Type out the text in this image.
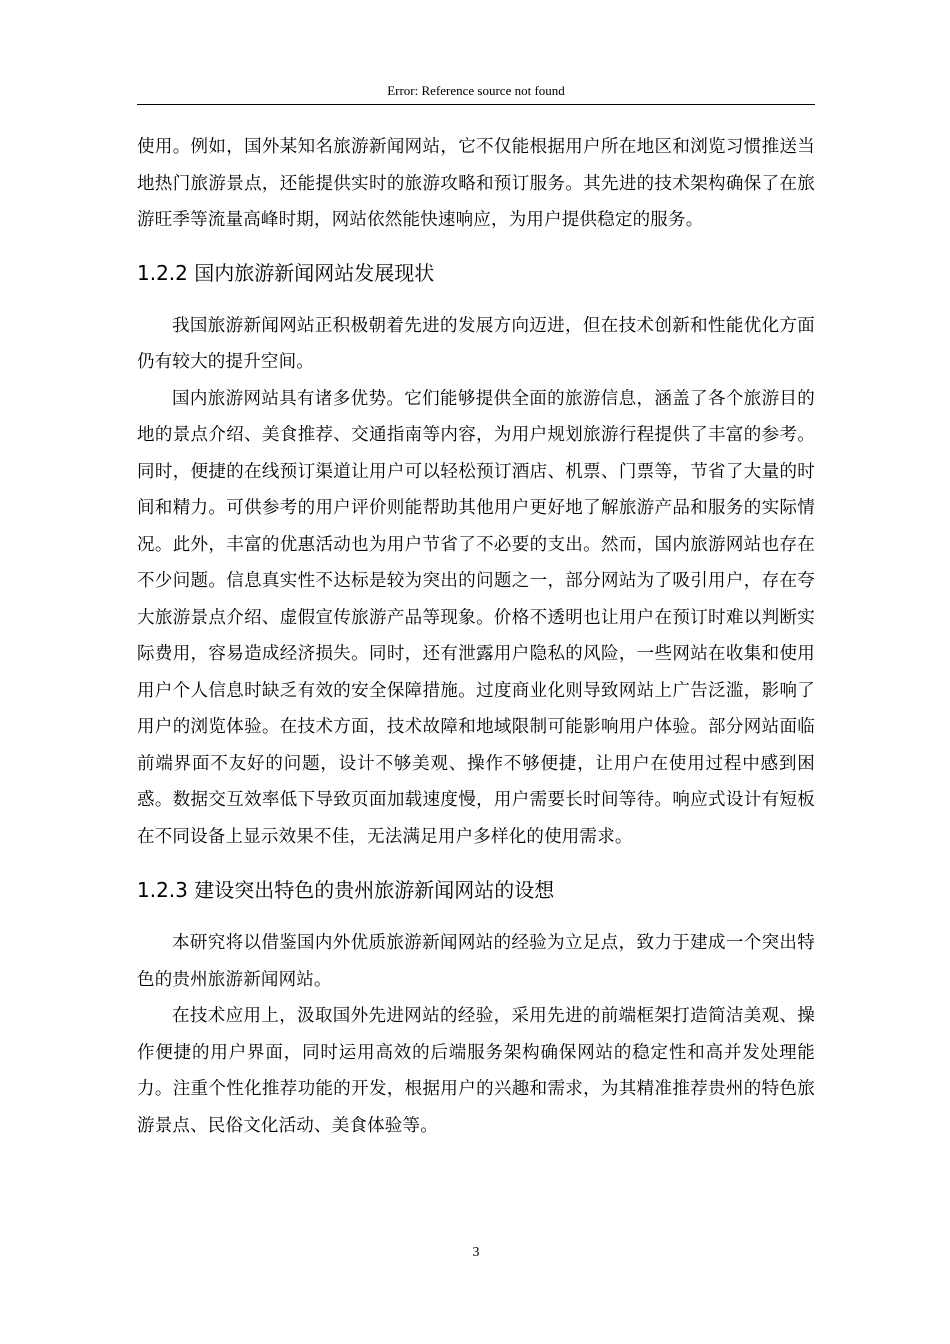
Error: Reference source not found

使用。例如，国外某知名旅游新闻网站，它不仅能根据用户所在地区和浏览习惯推送当地热门旅游景点，还能提供实时的旅游攻略和预订服务。其先进的技术架构确保了在旅游旺季等流量高峰时期，网站依然能快速响应，为用户提供稳定的服务。

1.2.2 国内旅游新闻网站发展现状

我国旅游新闻网站正积极朝着先进的发展方向迈进，但在技术创新和性能优化方面仍有较大的提升空间。

国内旅游网站具有诸多优势。它们能够提供全面的旅游信息，涵盖了各个旅游目的地的景点介绍、美食推荐、交通指南等内容，为用户规划旅游行程提供了丰富的参考。同时，便捷的在线预订渠道让用户可以轻松预订酒店、机票、门票等，节省了大量的时间和精力。可供参考的用户评价则能帮助其他用户更好地了解旅游产品和服务的实际情况。此外，丰富的优惠活动也为用户节省了不必要的支出。然而，国内旅游网站也存在不少问题。信息真实性不达标是较为突出的问题之一，部分网站为了吸引用户，存在夸大旅游景点介绍、虚假宣传旅游产品等现象。价格不透明也让用户在预订时难以判断实际费用，容易造成经济损失。同时，还有泄露用户隐私的风险，一些网站在收集和使用用户个人信息时缺乏有效的安全保障措施。过度商业化则导致网站上广告泛滥，影响了用户的浏览体验。在技术方面，技术故障和地域限制可能影响用户体验。部分网站面临前端界面不友好的问题，设计不够美观、操作不够便捷，让用户在使用过程中感到困惑。数据交互效率低下导致页面加载速度慢，用户需要长时间等待。响应式设计有短板在不同设备上显示效果不佳，无法满足用户多样化的使用需求。

1.2.3 建设突出特色的贵州旅游新闻网站的设想

本研究将以借鉴国内外优质旅游新闻网站的经验为立足点，致力于建成一个突出特色的贵州旅游新闻网站。

在技术应用上，汲取国外先进网站的经验，采用先进的前端框架打造简洁美观、操作便捷的用户界面，同时运用高效的后端服务架构确保网站的稳定性和高并发处理能力。注重个性化推荐功能的开发，根据用户的兴趣和需求，为其精准推荐贵州的特色旅游景点、民俗文化活动、美食体验等。

3
